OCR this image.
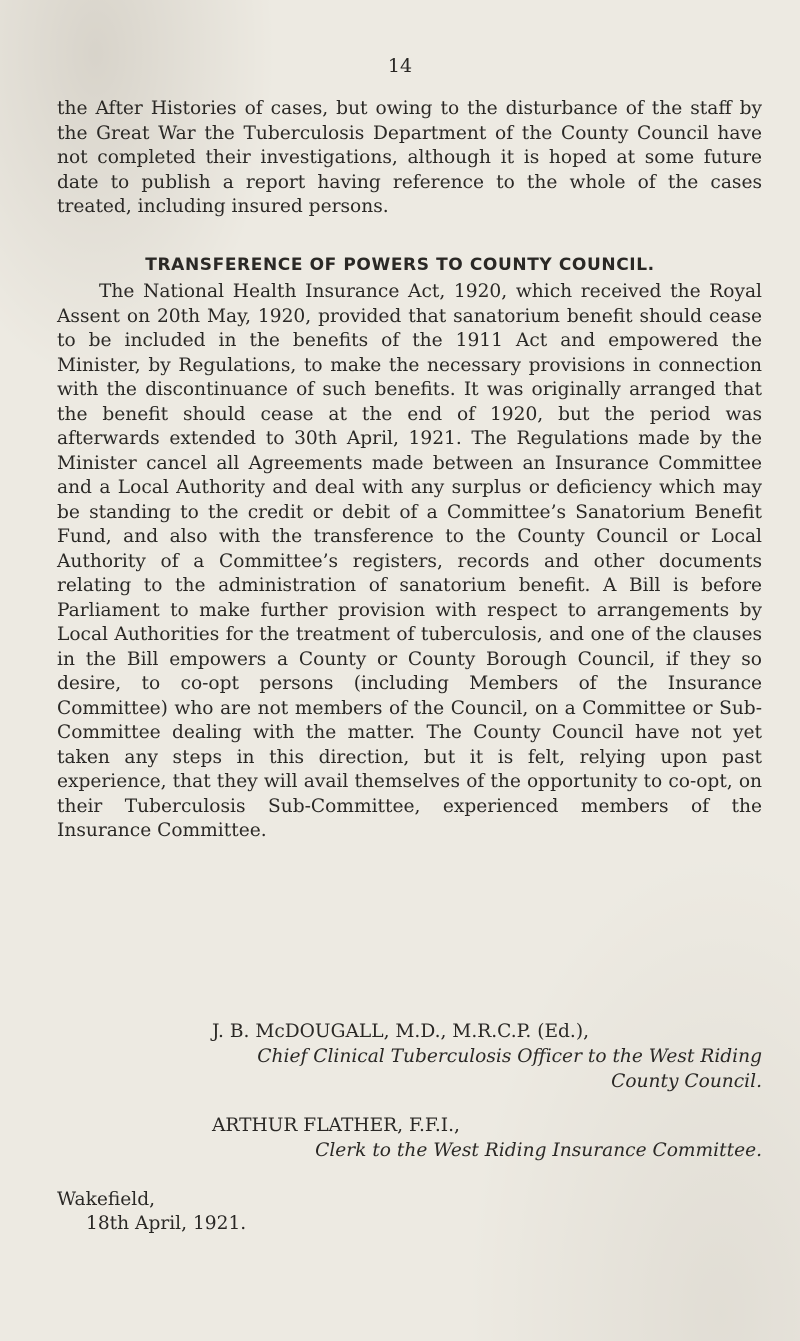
14

the After Histories of cases, but owing to the disturbance of the staff by the Great War the Tuberculosis Department of the County Council have not completed their investigations, although it is hoped at some future date to publish a report having reference to the whole of the cases treated, including insured persons.

TRANSFERENCE OF POWERS TO COUNTY COUNCIL.

The National Health Insurance Act, 1920, which received the Royal Assent on 20th May, 1920, provided that sanatorium benefit should cease to be included in the benefits of the 1911 Act and empowered the Minister, by Regulations, to make the necessary provisions in connection with the discontinuance of such benefits. It was originally arranged that the benefit should cease at the end of 1920, but the period was afterwards extended to 30th April, 1921. The Regulations made by the Minister cancel all Agreements made between an Insurance Committee and a Local Authority and deal with any surplus or deficiency which may be standing to the credit or debit of a Committee’s Sanatorium Benefit Fund, and also with the transference to the County Council or Local Authority of a Committee’s registers, records and other documents relating to the administration of sanatorium benefit. A Bill is before Parliament to make further provision with respect to arrangements by Local Authorities for the treatment of tuberculosis, and one of the clauses in the Bill empowers a County or County Borough Council, if they so desire, to co-opt persons (including Members of the Insurance Committee) who are not members of the Council, on a Committee or Sub-Committee dealing with the matter. The County Council have not yet taken any steps in this direction, but it is felt, relying upon past experience, that they will avail themselves of the opportunity to co-opt, on their Tuberculosis Sub-Committee, experienced members of the Insurance Committee.

J. B. McDOUGALL, M.D., M.R.C.P. (Ed.),

Chief Clinical Tuberculosis Officer to the West Riding County Council.

ARTHUR FLATHER, F.F.I.,

Clerk to the West Riding Insurance Committee.

Wakefield,

18th April, 1921.
